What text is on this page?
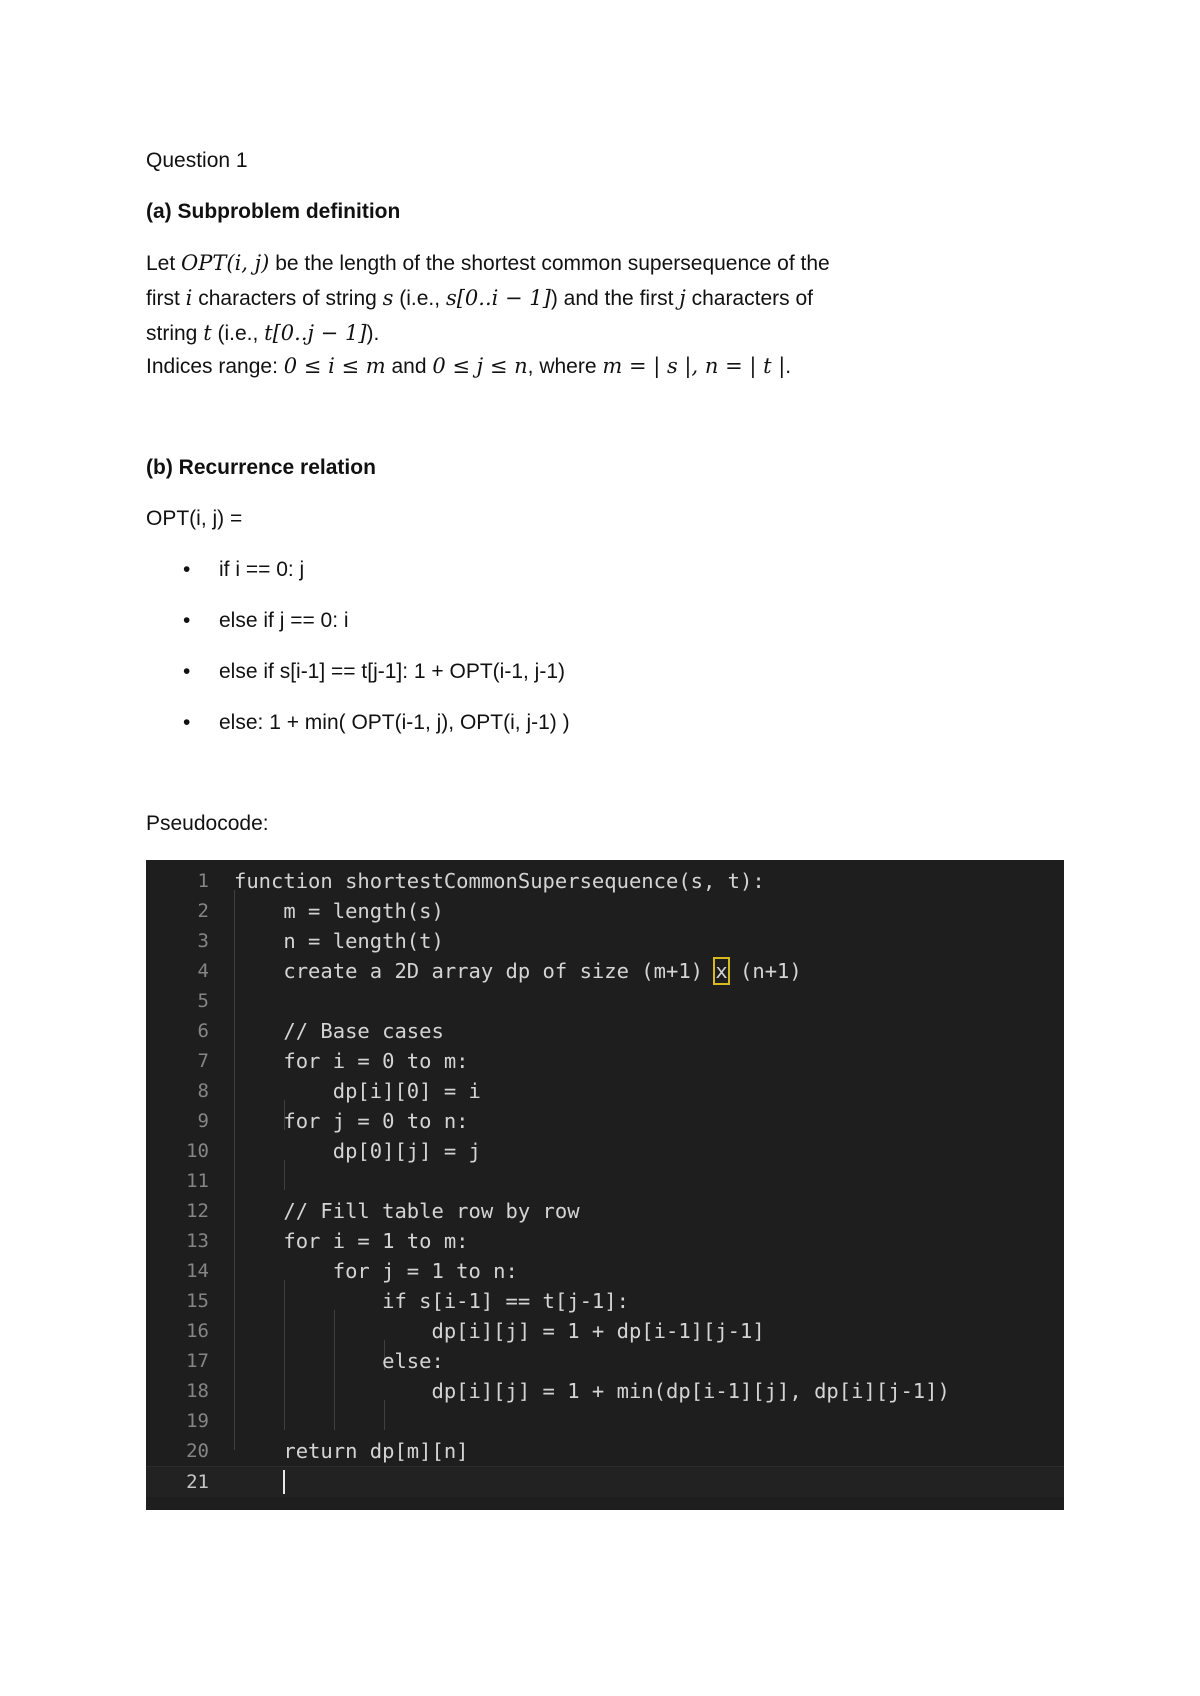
Question 1
(a) Subproblem definition
Let OPT(i, j) be the length of the shortest common supersequence of the
first i characters of string s (i.e., s[0..i − 1]) and the first j characters of
string t (i.e., t[0..j − 1]).
Indices range: 0 ≤ i ≤ m and 0 ≤ j ≤ n, where m = | s |, n = | t |.
(b) Recurrence relation
OPT(i, j) =
• if i == 0: j
• else if j == 0: i
• else if s[i-1] == t[j-1]: 1 + OPT(i-1, j-1)
• else: 1 + min( OPT(i-1, j), OPT(i, j-1) )
Pseudocode:
1 function shortestCommonSupersequence(s, t):
2 m = length(s)
3 n = length(t)
4 create a 2D array dp of size (m+1) x (n+1)
5
6 // Base cases
7 for i = 0 to m:
8 dp[i][0] = i
9 for j = 0 to n:
10 dp[0][j] = j
11
12 // Fill table row by row
13 for i = 1 to m:
14 for j = 1 to n:
15 if s[i-1] == t[j-1]:
16 dp[i][j] = 1 + dp[i-1][j-1]
17 else:
18 dp[i][j] = 1 + min(dp[i-1][j], dp[i][j-1])
19
20 return dp[m][n]
21
